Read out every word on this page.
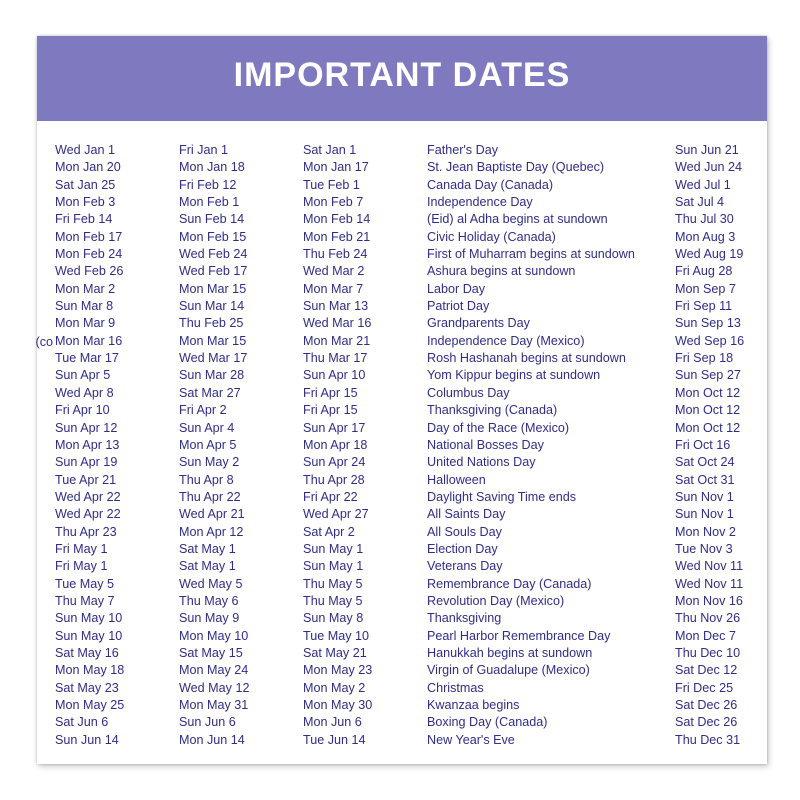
IMPORTANT DATES
co)
Wed Jan 1
Mon Jan 20
Sat Jan 25
Mon Feb 3
Fri Feb 14
Mon Feb 17
Mon Feb 24
Wed Feb 26
Mon Mar 2
Sun Mar 8
Mon Mar 9
Mon Mar 16
Tue Mar 17
Sun Apr 5
Wed Apr 8
Fri Apr 10
Sun Apr 12
Mon Apr 13
Sun Apr 19
Tue Apr 21
Wed Apr 22
Wed Apr 22
Thu Apr 23
Fri May 1
Fri May 1
Tue May 5
Thu May 7
Sun May 10
Sun May 10
Sat May 16
Mon May 18
Sat May 23
Mon May 25
Sat Jun 6
Sun Jun 14
Fri Jan 1
Mon Jan 18
Fri Feb 12
Mon Feb 1
Sun Feb 14
Mon Feb 15
Wed Feb 24
Wed Feb 17
Mon Mar 15
Sun Mar 14
Thu Feb 25
Mon Mar 15
Wed Mar 17
Sun Mar 28
Sat Mar 27
Fri Apr 2
Sun Apr 4
Mon Apr 5
Sun May 2
Thu Apr 8
Thu Apr 22
Wed Apr 21
Mon Apr 12
Sat May 1
Sat May 1
Wed May 5
Thu May 6
Sun May 9
Mon May 10
Sat May 15
Mon May 24
Wed May 12
Mon May 31
Sun Jun 6
Mon Jun 14
Sat Jan 1
Mon Jan 17
Tue Feb 1
Mon Feb 7
Mon Feb 14
Mon Feb 21
Thu Feb 24
Wed Mar 2
Mon Mar 7
Sun Mar 13
Wed Mar 16
Mon Mar 21
Thu Mar 17
Sun Apr 10
Fri Apr 15
Fri Apr 15
Sun Apr 17
Mon Apr 18
Sun Apr 24
Thu Apr 28
Fri Apr 22
Wed Apr 27
Sat Apr 2
Sun May 1
Sun May 1
Thu May 5
Thu May 5
Sun May 8
Tue May 10
Sat May 21
Mon May 23
Mon May 2
Mon May 30
Mon Jun 6
Tue Jun 14
Father's Day
St. Jean Baptiste Day (Quebec)
Canada Day (Canada)
Independence Day
(Eid) al Adha begins at sundown
Civic Holiday (Canada)
First of Muharram begins at sundown
Ashura begins at sundown
Labor Day
Patriot Day
Grandparents Day
Independence Day (Mexico)
Rosh Hashanah begins at sundown
Yom Kippur begins at sundown
Columbus Day
Thanksgiving (Canada)
Day of the Race (Mexico)
National Bosses Day
United Nations Day
Halloween
Daylight Saving Time ends
All Saints Day
All Souls Day
Election Day
Veterans Day
Remembrance Day (Canada)
Revolution Day (Mexico)
Thanksgiving
Pearl Harbor Remembrance Day
Hanukkah begins at sundown
Virgin of Guadalupe (Mexico)
Christmas
Kwanzaa begins
Boxing Day (Canada)
New Year's Eve
Sun Jun 21
Wed Jun 24
Wed Jul 1
Sat Jul 4
Thu Jul 30
Mon Aug 3
Wed Aug 19
Fri Aug 28
Mon Sep 7
Fri Sep 11
Sun Sep 13
Wed Sep 16
Fri Sep 18
Sun Sep 27
Mon Oct 12
Mon Oct 12
Mon Oct 12
Fri Oct 16
Sat Oct 24
Sat Oct 31
Sun Nov 1
Sun Nov 1
Mon Nov 2
Tue Nov 3
Wed Nov 11
Wed Nov 11
Mon Nov 16
Thu Nov 26
Mon Dec 7
Thu Dec 10
Sat Dec 12
Fri Dec 25
Sat Dec 26
Sat Dec 26
Thu Dec 31
